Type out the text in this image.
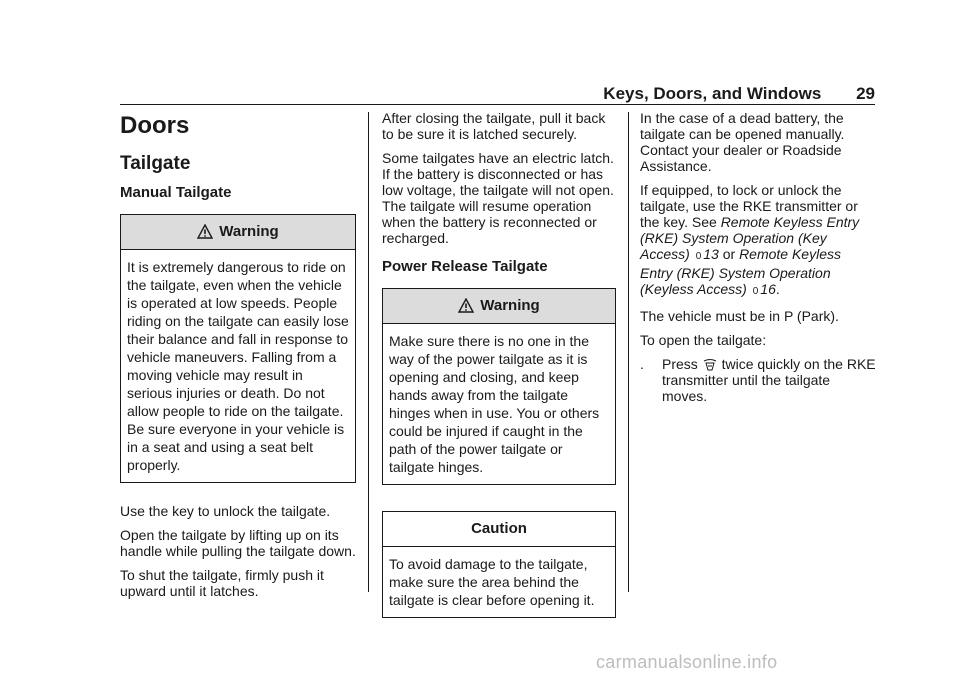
Keys, Doors, and Windows 29
Doors
Tailgate
Manual Tailgate
Warning
It is extremely dangerous to ride on the tailgate, even when the vehicle is operated at low speeds. People riding on the tailgate can easily lose their balance and fall in response to vehicle maneuvers. Falling from a moving vehicle may result in serious injuries or death. Do not allow people to ride on the tailgate. Be sure everyone in your vehicle is in a seat and using a seat belt properly.

Use the key to unlock the tailgate.

Open the tailgate by lifting up on its handle while pulling the tailgate down.

To shut the tailgate, firmly push it upward until it latches.

After closing the tailgate, pull it back to be sure it is latched securely.

Some tailgates have an electric latch. If the battery is disconnected or has low voltage, the tailgate will not open. The tailgate will resume operation when the battery is reconnected or recharged.

Power Release Tailgate
Warning
Make sure there is no one in the way of the power tailgate as it is opening and closing, and keep hands away from the tailgate hinges when in use. You or others could be injured if caught in the path of the power tailgate or tailgate hinges.
Caution
To avoid damage to the tailgate, make sure the area behind the tailgate is clear before opening it.

In the case of a dead battery, the tailgate can be opened manually. Contact your dealer or Roadside Assistance.

If equipped, to lock or unlock the tailgate, use the RKE transmitter or the key. See Remote Keyless Entry (RKE) System Operation (Key Access) 0 13 or Remote Keyless Entry (RKE) System Operation (Keyless Access) 0 16.

The vehicle must be in P (Park).

To open the tailgate:

.	Press twice quickly on the RKE transmitter until the tailgate moves.
carmanualsonline.info
